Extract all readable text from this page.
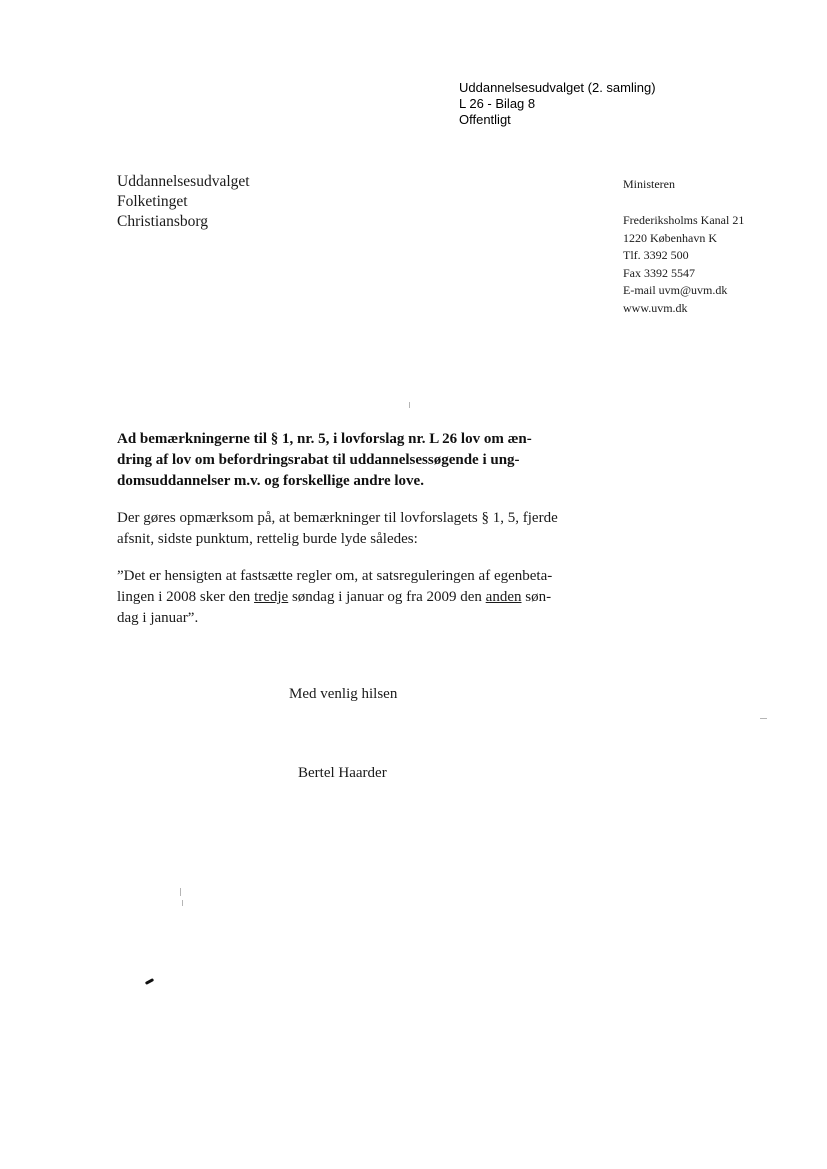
Uddannelsesudvalget (2. samling)
L 26 - Bilag 8
Offentligt
Uddannelsesudvalget
Folketinget
Christiansborg
Ministeren
Frederiksholms Kanal 21
1220 København K
Tlf. 3392 500
Fax 3392 5547
E-mail uvm@uvm.dk
www.uvm.dk
Ad bemærkningerne til § 1, nr. 5, i lovforslag nr. L 26 lov om æn-
dring af lov om befordringsrabat til uddannelsessøgende i ung-
domsuddannelser m.v. og forskellige andre love.
Der gøres opmærksom på, at bemærkninger til lovforslagets § 1, 5, fjerde
afsnit, sidste punktum, rettelig burde lyde således:
”Det er hensigten at fastsætte regler om, at satsreguleringen af egenbeta-
lingen i 2008 sker den tredje søndag i januar og fra 2009 den anden søn-
dag i januar”.
Med venlig hilsen
Bertel Haarder
